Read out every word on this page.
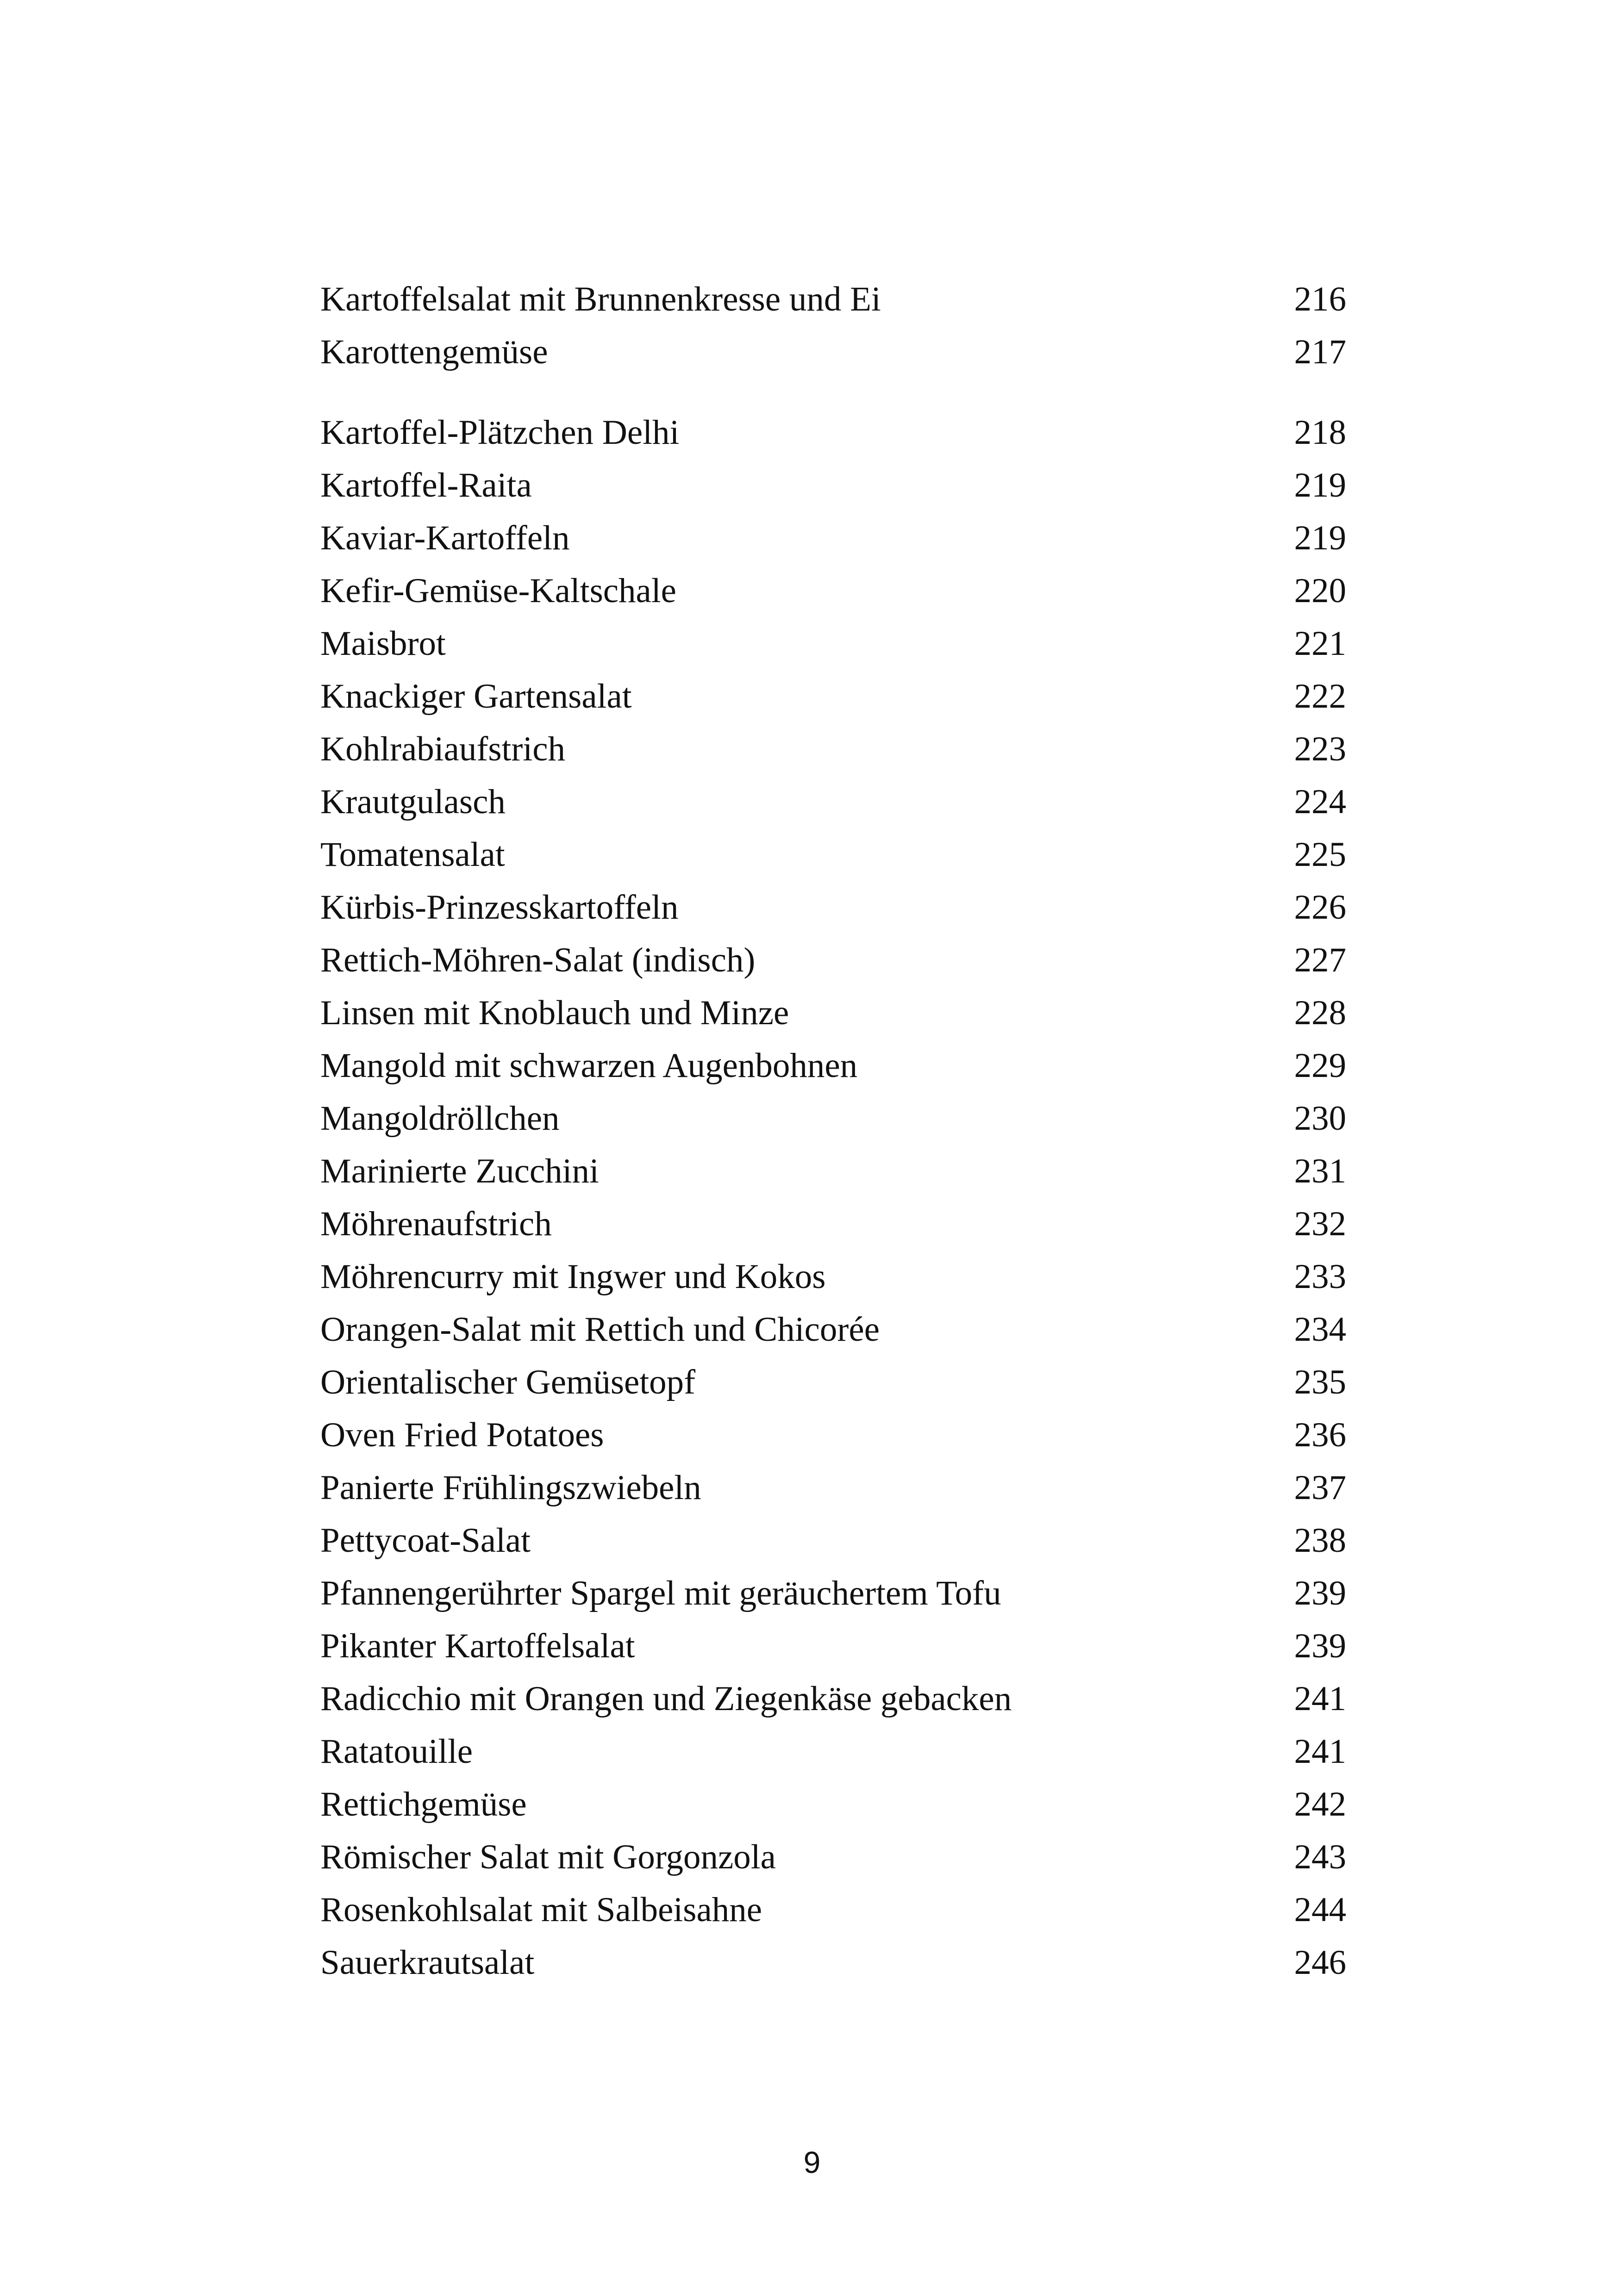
Kartoffelsalat mit Brunnenkresse und Ei	216
Karottengemüse	217
Kartoffel-Plätzchen Delhi	218
Kartoffel-Raita	219
Kaviar-Kartoffeln	219
Kefir-Gemüse-Kaltschale	220
Maisbrot	221
Knackiger Gartensalat	222
Kohlrabiaufstrich	223
Krautgulasch	224
Tomatensalat	225
Kürbis-Prinzesskartoffeln	226
Rettich-Möhren-Salat (indisch)	227
Linsen mit Knoblauch und Minze	228
Mangold mit schwarzen Augenbohnen	229
Mangoldröllchen	230
Marinierte Zucchini	231
Möhrenaufstrich	232
Möhrencurry mit Ingwer und Kokos	233
Orangen-Salat mit Rettich und Chicorée	234
Orientalischer Gemüsetopf	235
Oven Fried Potatoes	236
Panierte Frühlingszwiebeln	237
Pettycoat-Salat	238
Pfannengerührter Spargel mit geräuchertem Tofu	239
Pikanter Kartoffelsalat	239
Radicchio mit Orangen und Ziegenkäse gebacken	241
Ratatouille	241
Rettichgemüse	242
Römischer Salat mit Gorgonzola	243
Rosenkohlsalat mit Salbeisahne	244
Sauerkrautsalat	246
9
